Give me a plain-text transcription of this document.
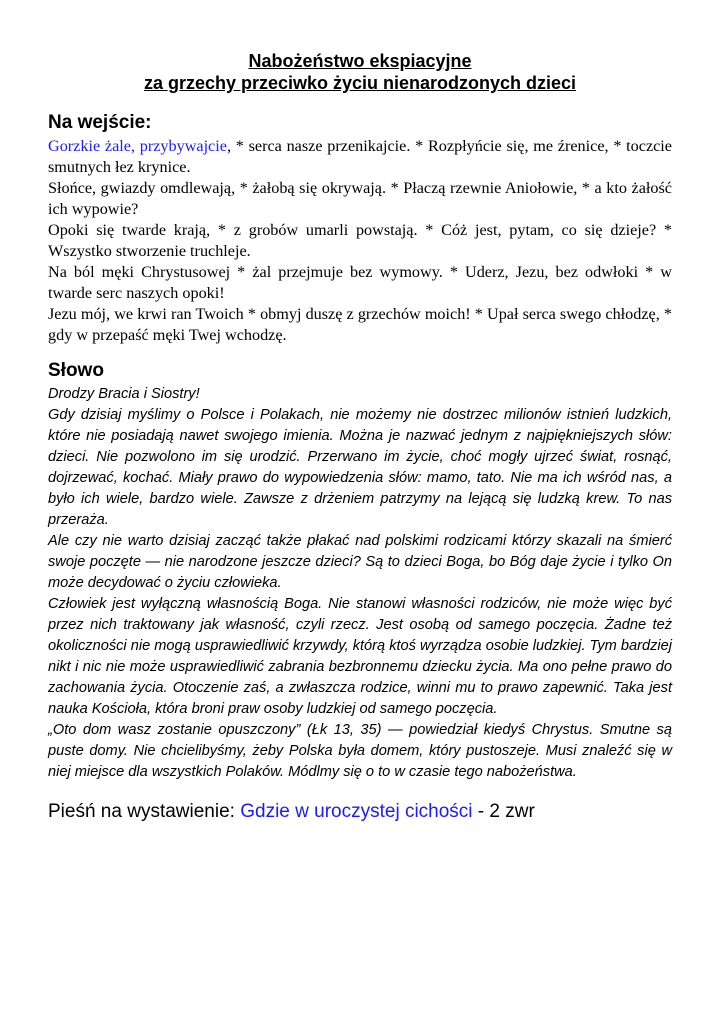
Nabożeństwo ekspiacyjne

za grzechy przeciwko życiu nienarodzonych dzieci

Na wejście:

Gorzkie żale, przybywajcie, * serca nasze przenikajcie. * Rozpłyńcie się, me źrenice, * toczcie smutnych łez krynice.

Słońce, gwiazdy omdlewają, * żałobą się okrywają. * Płaczą rzewnie Aniołowie, * a kto żałość ich wypowie?

Opoki się twarde krają, * z grobów umarli powstają. * Cóż jest, pytam, co się dzieje? * Wszystko stworzenie truchleje.

Na ból męki Chrystusowej * żal przejmuje bez wymowy. * Uderz, Jezu, bez odwłoki * w twarde serc naszych opoki!

Jezu mój, we krwi ran Twoich * obmyj duszę z grzechów moich! * Upał serca swego chłodzę, * gdy w przepaść męki Twej wchodzę.

Słowo

Drodzy Bracia i Siostry!

Gdy dzisiaj myślimy o Polsce i Polakach, nie możemy nie dostrzec milionów istnień ludzkich, które nie posiadają nawet swojego imienia. Można je nazwać jednym z najpiękniejszych słów: dzieci. Nie pozwolono im się urodzić. Przerwano im życie, choć mogły ujrzeć świat, rosnąć, dojrzewać, kochać. Miały prawo do wypowiedzenia słów: mamo, tato. Nie ma ich wśród nas, a było ich wiele, bardzo wiele. Zawsze z drżeniem patrzymy na lejącą się ludzką krew. To nas przeraża.

Ale czy nie warto dzisiaj zacząć także płakać nad polskimi rodzicami którzy skazali na śmierć swoje poczęte — nie narodzone jeszcze dzieci? Są to dzieci Boga, bo Bóg daje życie i tylko On może decydować o życiu człowieka.

Człowiek jest wyłączną własnością Boga. Nie stanowi własności rodziców, nie może więc być przez nich traktowany jak własność, czyli rzecz. Jest osobą od samego poczęcia. Żadne też okoliczności nie mogą usprawiedliwić krzywdy, którą ktoś wyrządza osobie ludzkiej. Tym bardziej nikt i nic nie może usprawiedliwić zabrania bezbronnemu dziecku życia. Ma ono pełne prawo do zachowania życia. Otoczenie zaś, a zwłaszcza rodzice, winni mu to prawo zapewnić. Taka jest nauka Kościoła, która broni praw osoby ludzkiej od samego poczęcia.

„Oto dom wasz zostanie opuszczony” (Łk 13, 35) — powiedział kiedyś Chrystus. Smutne są puste domy. Nie chcielibyśmy, żeby Polska była domem, który pustoszeje. Musi znaleźć się w niej miejsce dla wszystkich Polaków. Módlmy się o to w czasie tego nabożeństwa.

Pieśń na wystawienie: Gdzie w uroczystej cichości - 2 zwr
